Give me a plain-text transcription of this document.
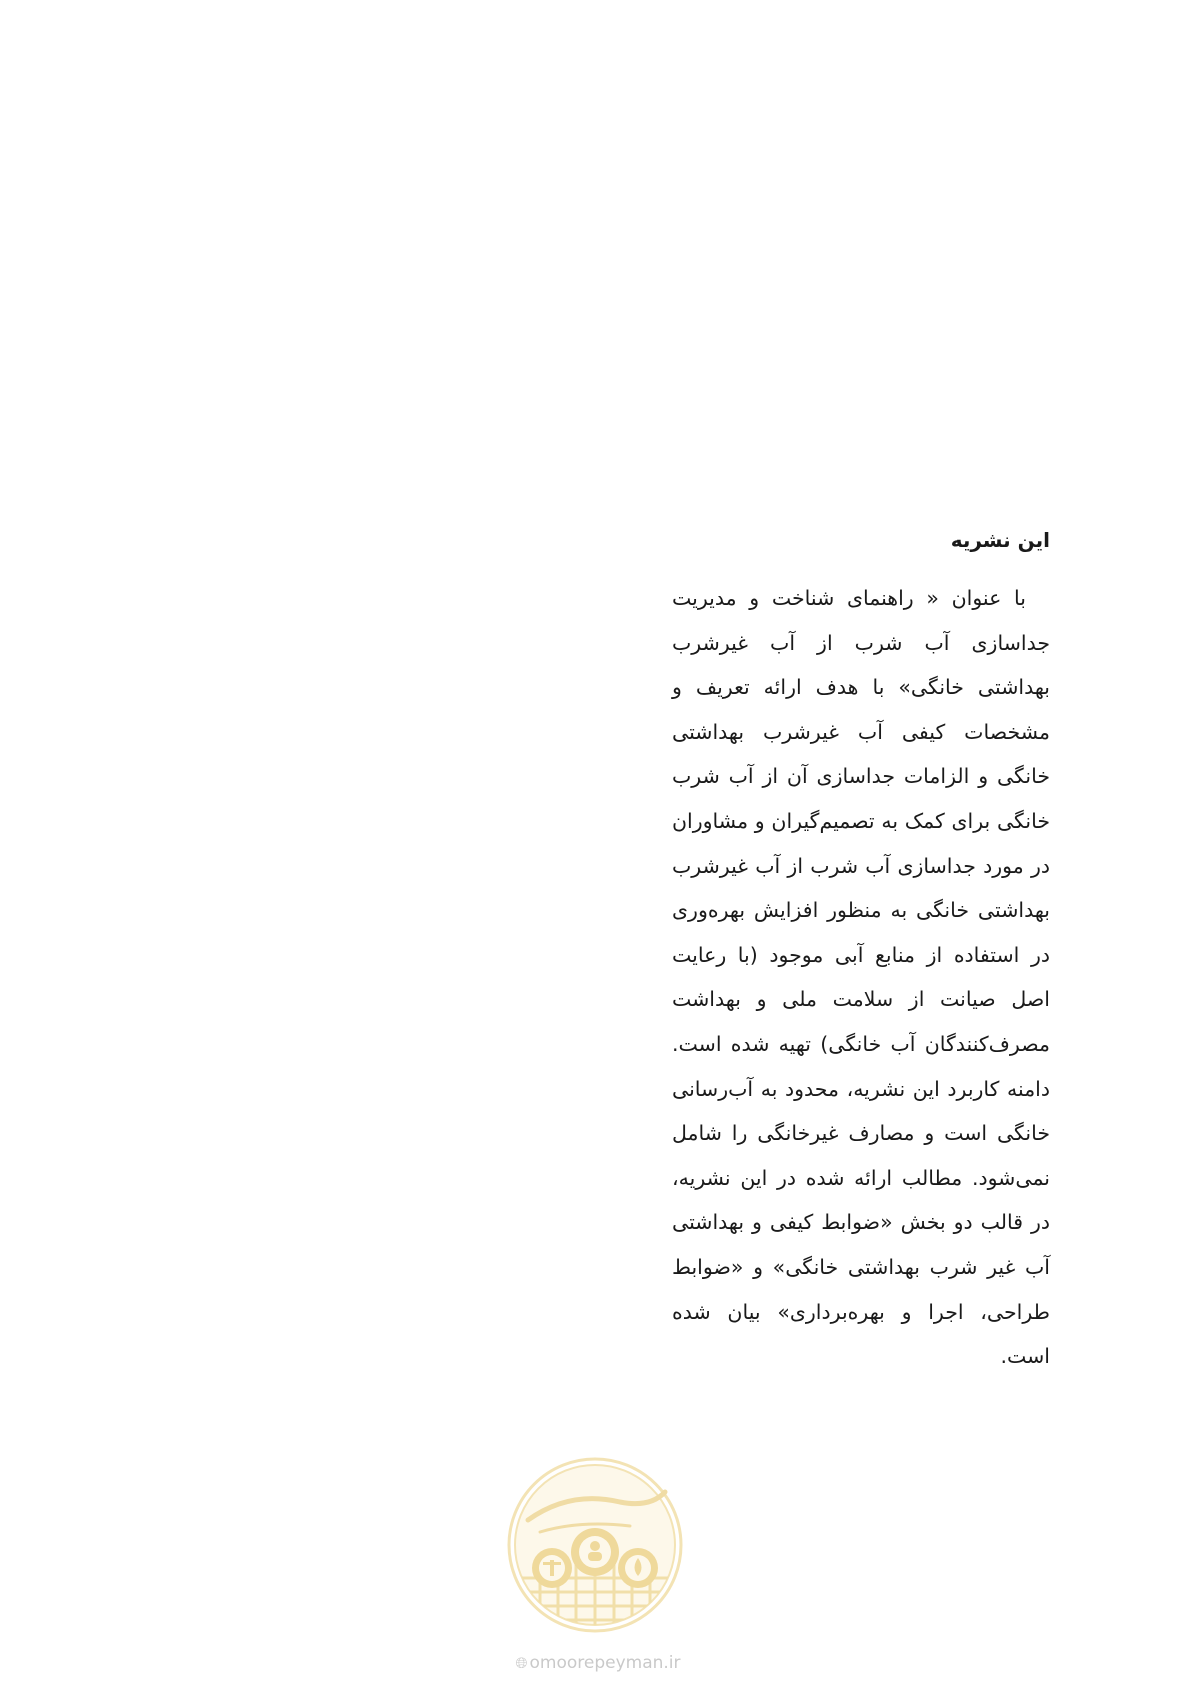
این نشریه

با عنوان « راهنمای شناخت و مدیریت جداسازی آب شرب از آب غیرشرب بهداشتی خانگی» با هدف ارائه تعریف و مشخصات کیفی آب غیرشرب بهداشتی خانگی و الزامات جداسازی آن از آب شرب خانگی برای کمک به تصمیم‌گیران و مشاوران در مورد جداسازی آب شرب از آب غیرشرب بهداشتی خانگی به منظور افزایش بهره‌وری در استفاده از منابع آبی موجود (با رعایت اصل صیانت از سلامت ملی و بهداشت مصرف‌کنندگان آب خانگی) تهیه شده است. دامنه کاربرد این نشریه، محدود به آب‌رسانی خانگی است و مصارف غیرخانگی را شامل نمی‌شود. مطالب ارائه شده در این نشریه، در قالب دو بخش «ضوابط کیفی و بهداشتی آب غیر شرب بهداشتی خانگی» و «ضوابط طراحی، اجرا و بهره‌برداری» بیان شده است.

🌐︎ omoorepeyman.ir
